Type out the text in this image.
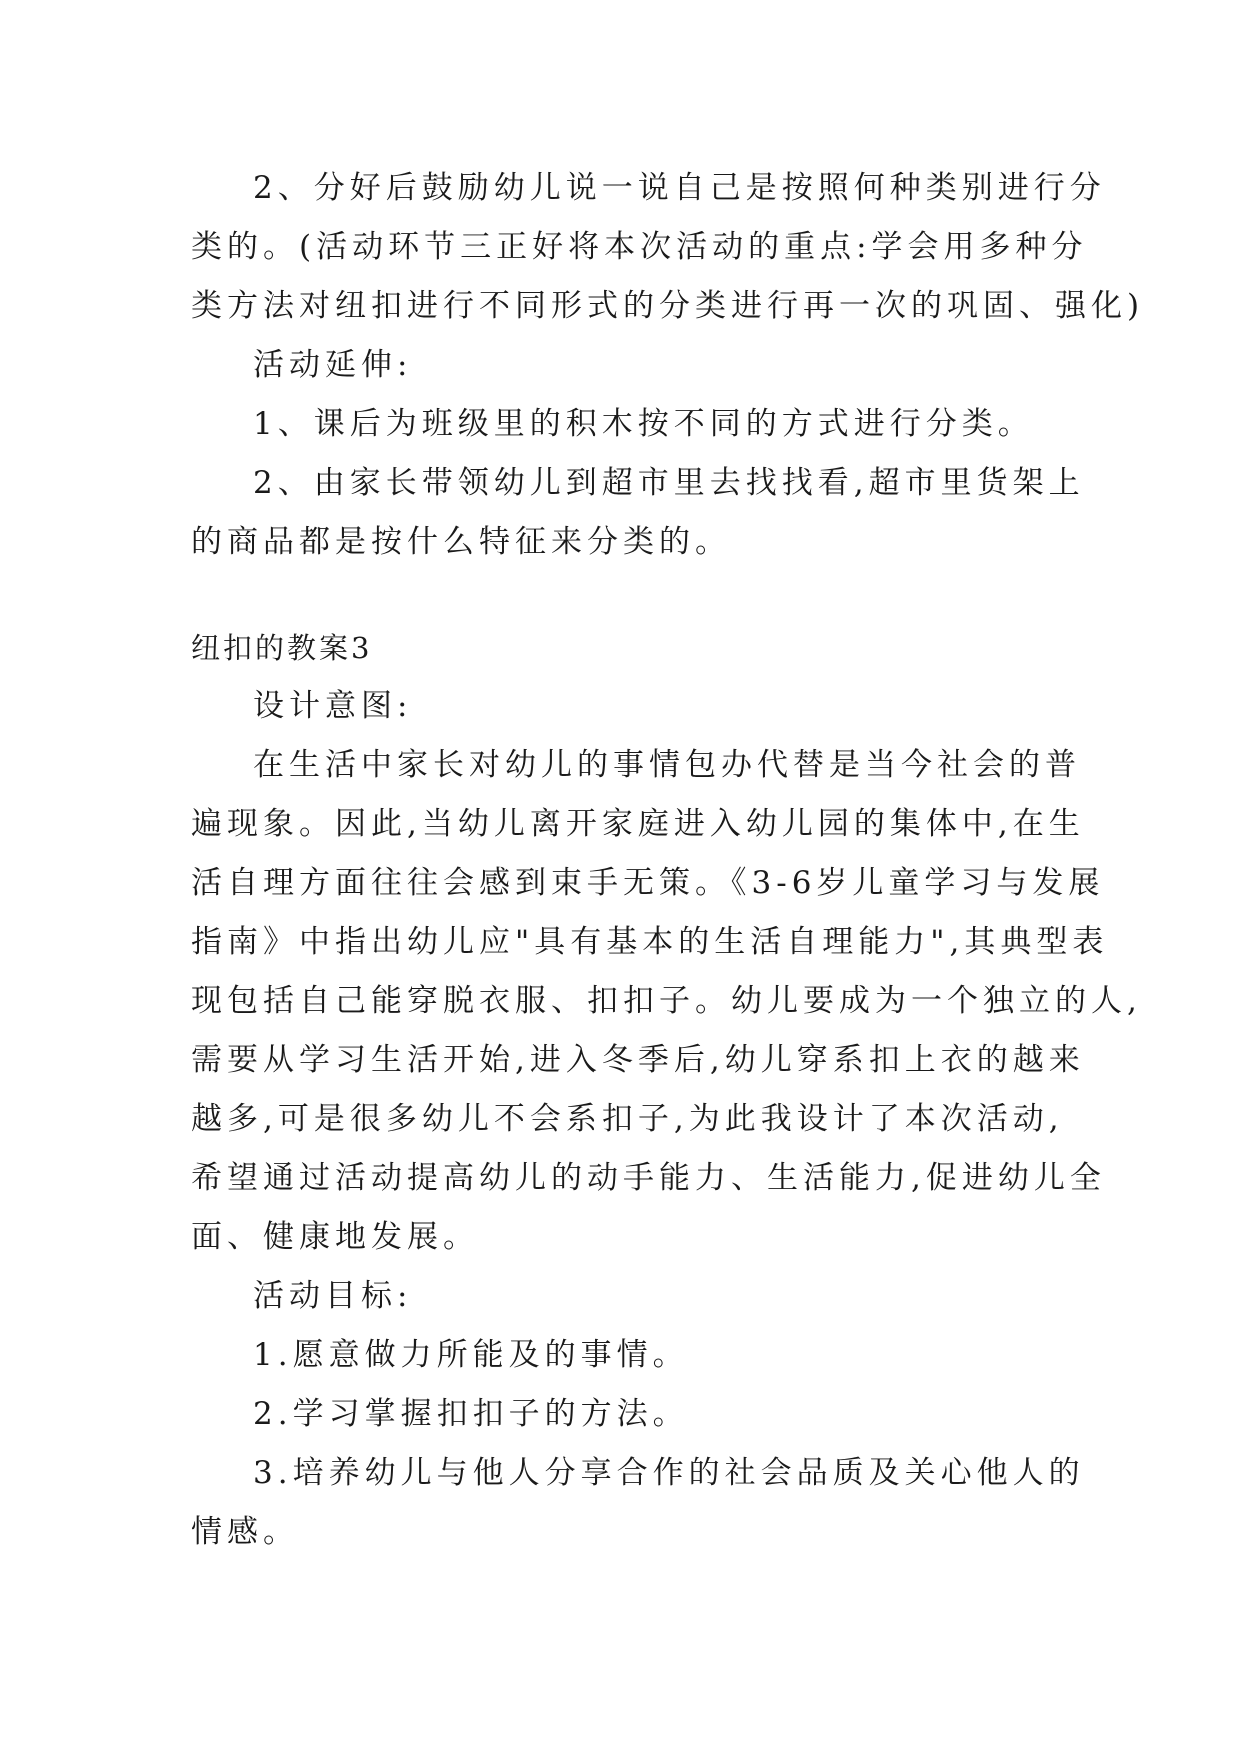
2、分好后鼓励幼儿说一说自己是按照何种类别进行分
类的。(活动环节三正好将本次活动的重点:学会用多种分
类方法对纽扣进行不同形式的分类进行再一次的巩固、强化)
活动延伸:
1、课后为班级里的积木按不同的方式进行分类。
2、由家长带领幼儿到超市里去找找看,超市里货架上
的商品都是按什么特征来分类的。
纽扣的教案3
设计意图:
在生活中家长对幼儿的事情包办代替是当今社会的普
遍现象。因此,当幼儿离开家庭进入幼儿园的集体中,在生
活自理方面往往会感到束手无策。《3-6岁儿童学习与发展
指南》中指出幼儿应"具有基本的生活自理能力",其典型表
现包括自己能穿脱衣服、扣扣子。幼儿要成为一个独立的人,
需要从学习生活开始,进入冬季后,幼儿穿系扣上衣的越来
越多,可是很多幼儿不会系扣子,为此我设计了本次活动,
希望通过活动提高幼儿的动手能力、生活能力,促进幼儿全
面、健康地发展。
活动目标:
1.愿意做力所能及的事情。
2.学习掌握扣扣子的方法。
3.培养幼儿与他人分享合作的社会品质及关心他人的
情感。
